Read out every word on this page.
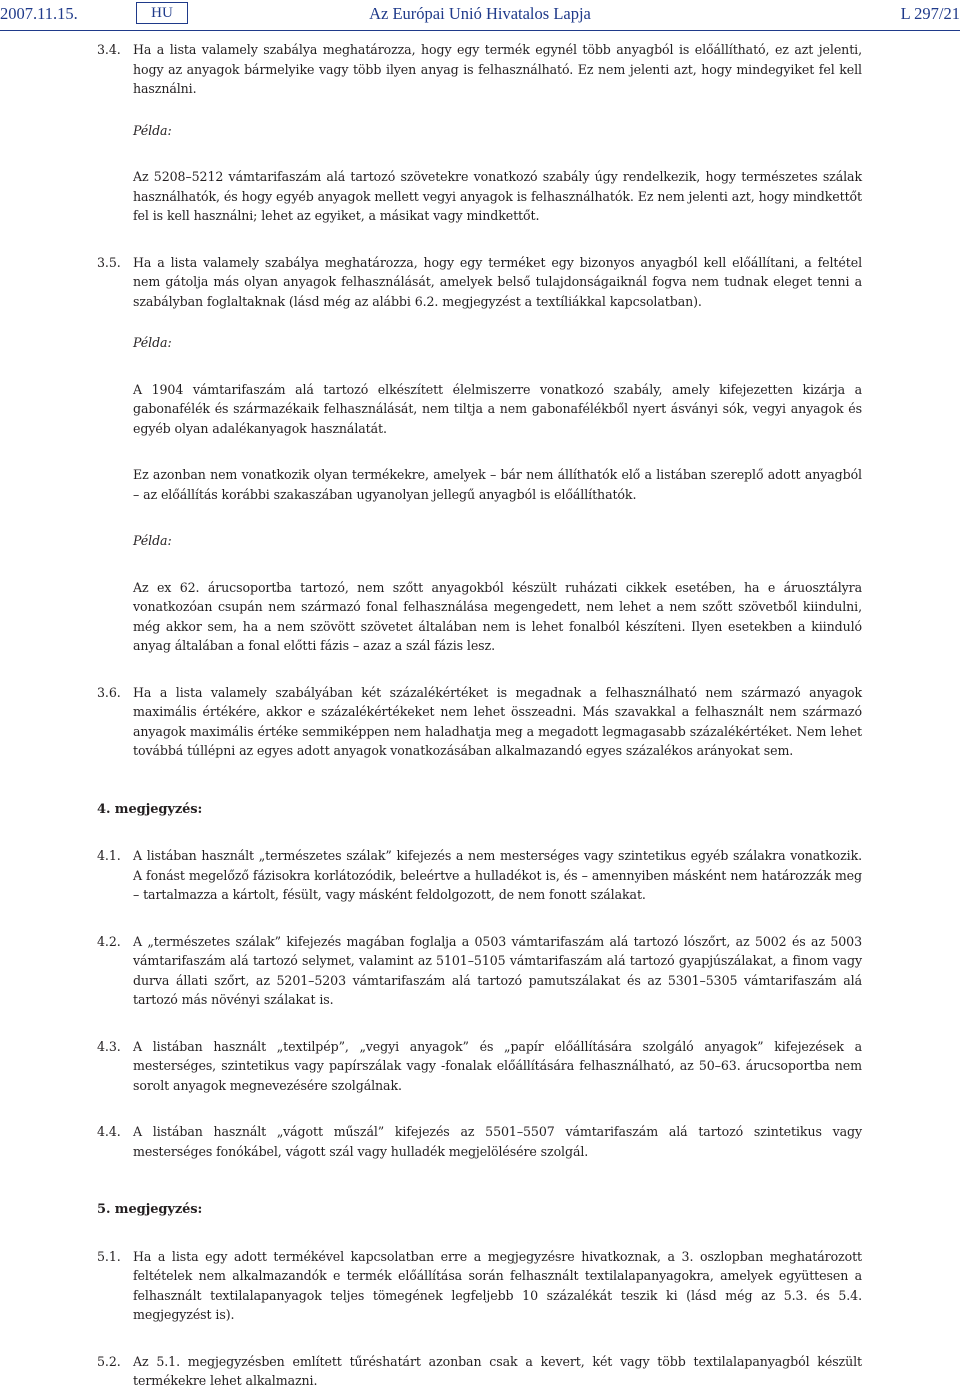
2007.11.15.	HU	Az Európai Unió Hivatalos Lapja	L 297/21
3.4. Ha a lista valamely szabálya meghatározza, hogy egy termék egynél több anyagból is előállítható, ez azt jelenti, hogy az anyagok bármelyike vagy több ilyen anyag is felhasználható. Ez nem jelenti azt, hogy mindegyiket fel kell használni.
Példa:
Az 5208–5212 vámtarifaszám alá tartozó szövetekre vonatkozó szabály úgy rendelkezik, hogy természetes szálak használhatók, és hogy egyéb anyagok mellett vegyi anyagok is felhasználhatók. Ez nem jelenti azt, hogy mindkettőt fel is kell használni; lehet az egyiket, a másikat vagy mindkettőt.
3.5. Ha a lista valamely szabálya meghatározza, hogy egy terméket egy bizonyos anyagból kell előállítani, a feltétel nem gátolja más olyan anyagok felhasználását, amelyek belső tulajdonságaiknál fogva nem tudnak eleget tenni a szabályban foglaltaknak (lásd még az alábbi 6.2. megjegyzést a textíliákkal kapcsolatban).
Példa:
A 1904 vámtarifaszám alá tartozó elkészített élelmiszerre vonatkozó szabály, amely kifejezetten kizárja a gabonafélék és származékaik felhasználását, nem tiltja a nem gabonafélékből nyert ásványi sók, vegyi anyagok és egyéb olyan adalékanyagok használatát.
Ez azonban nem vonatkozik olyan termékekre, amelyek – bár nem állíthatók elő a listában szereplő adott anyagból – az előállítás korábbi szakaszában ugyanolyan jellegű anyagból is előállíthatók.
Példa:
Az ex 62. árucsoportba tartozó, nem szőtt anyagokból készült ruházati cikkek esetében, ha e áruosztályra vonatkozóan csupán nem származó fonal felhasználása megengedett, nem lehet a nem szőtt szövetből kiindulni, még akkor sem, ha a nem szövött szövetet általában nem is lehet fonalból készíteni. Ilyen esetekben a kiinduló anyag általában a fonal előtti fázis – azaz a szál fázis lesz.
3.6. Ha a lista valamely szabályában két százalékértéket is megadnak a felhasználható nem származó anyagok maximális értékére, akkor e százalékértékeket nem lehet összeadni. Más szavakkal a felhasznált nem származó anyagok maximális értéke semmiképpen nem haladhatja meg a megadott legmagasabb százalékértéket. Nem lehet továbbá túllépni az egyes adott anyagok vonatkozásában alkalmazandó egyes százalékos arányokat sem.
4. megjegyzés:
4.1. A listában használt „természetes szálak” kifejezés a nem mesterséges vagy szintetikus egyéb szálakra vonatkozik. A fonást megelőző fázisokra korlátozódik, beleértve a hulladékot is, és – amennyiben másként nem határozzák meg – tartalmazza a kártolt, fésült, vagy másként feldolgozott, de nem fonott szálakat.
4.2. A „természetes szálak” kifejezés magában foglalja a 0503 vámtarifaszám alá tartozó lószőrt, az 5002 és az 5003 vámtarifaszám alá tartozó selymet, valamint az 5101–5105 vámtarifaszám alá tartozó gyapjúszálakat, a finom vagy durva állati szőrt, az 5201–5203 vámtarifaszám alá tartozó pamutszálakat és az 5301–5305 vámtarifaszám alá tartozó más növényi szálakat is.
4.3. A listában használt „textilpép”, „vegyi anyagok” és „papír előállítására szolgáló anyagok” kifejezések a mesterséges, szintetikus vagy papírszálak vagy -fonalak előállítására felhasználható, az 50–63. árucsoportba nem sorolt anyagok megnevezésére szolgálnak.
4.4. A listában használt „vágott műszál” kifejezés az 5501–5507 vámtarifaszám alá tartozó szintetikus vagy mesterséges fonókábel, vágott szál vagy hulladék megjelölésére szolgál.
5. megjegyzés:
5.1. Ha a lista egy adott termékével kapcsolatban erre a megjegyzésre hivatkoznak, a 3. oszlopban meghatározott feltételek nem alkalmazandók e termék előállítása során felhasznált textilalapanyagokra, amelyek együttesen a felhasznált textilalapanyagok teljes tömegének legfeljebb 10 százalékát teszik ki (lásd még az 5.3. és 5.4. megjegyzést is).
5.2. Az 5.1. megjegyzésben említett tűréshatárt azonban csak a kevert, két vagy több textilalapanyagból készült termékekre lehet alkalmazni.
